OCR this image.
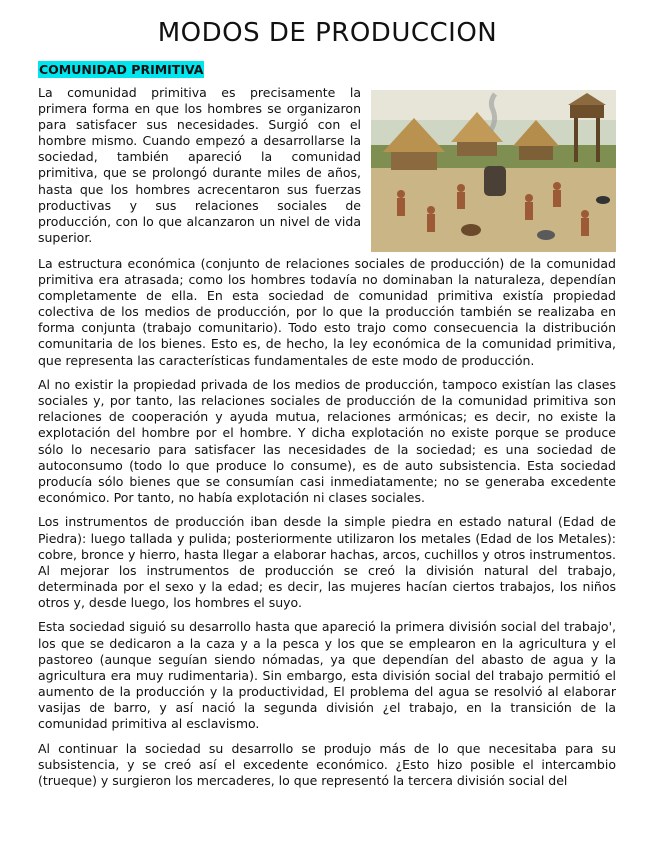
MODOS DE PRODUCCION
COMUNIDAD PRIMITIVA

La comunidad primitiva es precisamente la primera forma en que los hombres se organizaron para satisfacer sus necesidades. Surgió con el hombre mismo. Cuando empezó a desarrollarse la sociedad, también apareció la comunidad primitiva, que se prolongó durante miles de años, hasta que los hombres acrecentaron sus fuerzas productivas y sus relaciones sociales de producción, con lo que alcanzaron un nivel de vida superior.

La estructura económica (conjunto de relaciones sociales de producción) de la comunidad primitiva era atrasada; como los hombres todavía no dominaban la naturaleza, dependían completamente de ella. En esta sociedad de comunidad primitiva existía propiedad colectiva de los medios de producción, por lo que la producción también se realizaba en forma conjunta (trabajo comunitario). Todo esto trajo como consecuencia la distribución comunitaria de los bienes. Esto es, de hecho, la ley económica de la comunidad primitiva, que representa las características fundamentales de este modo de producción.

Al no existir la propiedad privada de los medios de producción, tampoco existían las clases sociales y, por tanto, las relaciones sociales de producción de la comunidad primitiva son relaciones de cooperación y ayuda mutua, relaciones armónicas; es decir, no existe la explotación del hombre por el hombre. Y dicha explotación no existe porque se produce sólo lo necesario para satisfacer las necesidades de la sociedad; es una sociedad de autoconsumo (todo lo que produce lo consume), es de auto subsistencia. Esta sociedad producía sólo bienes que se consumían casi inmediatamente; no se generaba excedente económico. Por tanto, no había explotación ni clases sociales.

Los instrumentos de producción iban desde la simple piedra en estado natural (Edad de Piedra): luego tallada y pulida; posteriormente utilizaron los metales (Edad de los Metales): cobre, bronce y hierro, hasta llegar a elaborar hachas, arcos, cuchillos y otros instrumentos. Al mejorar los instrumentos de producción se creó la división natural del trabajo, determinada por el sexo y la edad; es decir, las mujeres hacían ciertos trabajos, los niños otros y, desde luego, los hombres el suyo.

Esta sociedad siguió su desarrollo hasta que apareció la primera división social del trabajo', los que se dedicaron a la caza y a la pesca y los que se emplearon en la agricultura y el pastoreo (aunque seguían siendo nómadas, ya que dependían del abasto de agua y la agricultura era muy rudimentaria). Sin embargo, esta división social del trabajo permitió el aumento de la producción y la productividad, El problema del agua se resolvió al elaborar vasijas de barro, y así nació la segunda división ¿el trabajo, en la transición de la comunidad primitiva al esclavismo.

Al continuar la sociedad su desarrollo se produjo más de lo que necesitaba para su subsistencia, y se creó así el excedente económico. ¿Esto hizo posible el intercambio (trueque) y surgieron los mercaderes, lo que representó la tercera división social del
